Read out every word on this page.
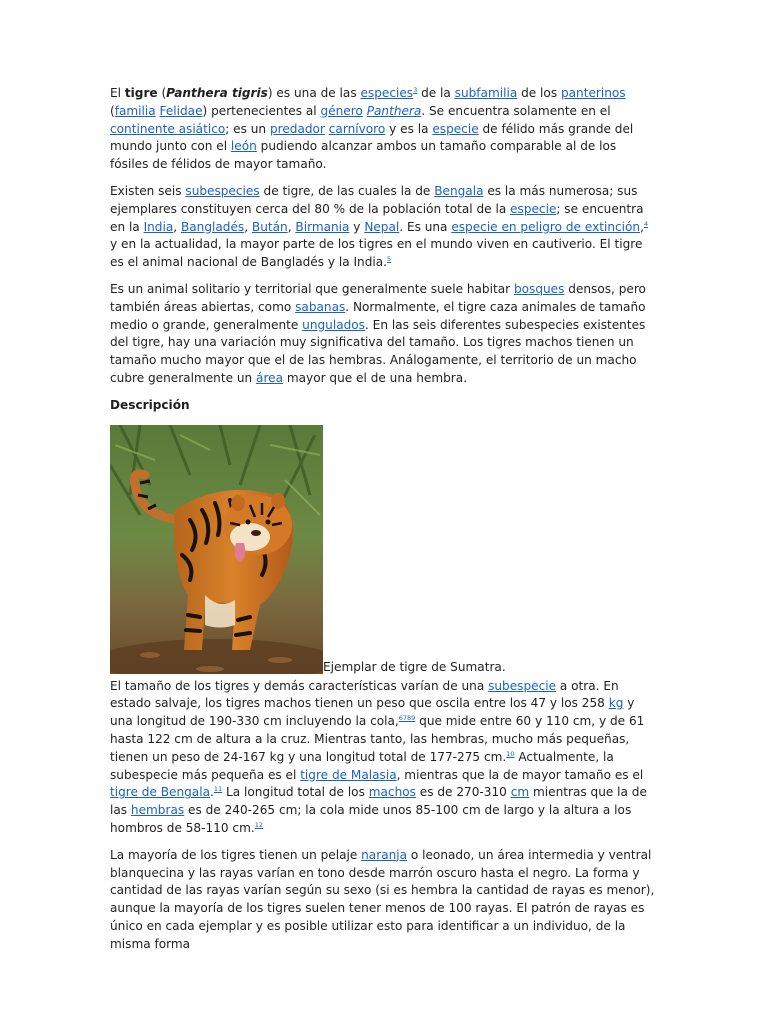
El tigre (Panthera tigris) es una de las especies$^3$ de la subfamilia de los panterinos (familia Felidae) pertenecientes al género Panthera. Se encuentra solamente en el continente asiático; es un predador carnívoro y es la especie de félido más grande del mundo junto con el león pudiendo alcanzar ambos un tamaño comparable al de los fósiles de félidos de mayor tamaño.

Existen seis subespecies de tigre, de las cuales la de Bengala es la más numerosa; sus ejemplares constituyen cerca del 80 % de la población total de la especie; se encuentra en la India, Bangladés, Bután, Birmania y Nepal. Es una especie en peligro de extinción,$^4$ y en la actualidad, la mayor parte de los tigres en el mundo viven en cautiverio. El tigre es el animal nacional de Bangladés y la India.$^5$

Es un animal solitario y territorial que generalmente suele habitar bosques densos, pero también áreas abiertas, como sabanas. Normalmente, el tigre caza animales de tamaño medio o grande, generalmente ungulados. En las seis diferentes subespecies existentes del tigre, hay una variación muy significativa del tamaño. Los tigres machos tienen un tamaño mucho mayor que el de las hembras. Análogamente, el territorio de un macho cubre generalmente un área mayor que el de una hembra.

Descripción

Ejemplar de tigre de Sumatra.

El tamaño de los tigres y demás características varían de una subespecie a otra. En estado salvaje, los tigres machos tienen un peso que oscila entre los 47 y los 258 kg y una longitud de 190-330 cm incluyendo la cola,$^{6789}$ que mide entre 60 y 110 cm, y de 61 hasta 122 cm de altura a la cruz. Mientras tanto, las hembras, mucho más pequeñas, tienen un peso de 24-167 kg y una longitud total de 177-275 cm.$^{10}$ Actualmente, la subespecie más pequeña es el tigre de Malasia, mientras que la de mayor tamaño es el tigre de Bengala.$^{11}$ La longitud total de los machos es de 270-310 cm mientras que la de las hembras es de 240-265 cm; la cola mide unos 85-100 cm de largo y la altura a los hombros de 58-110 cm.$^{12}$

La mayoría de los tigres tienen un pelaje naranja o leonado, un área intermedia y ventral blanquecina y las rayas varían en tono desde marrón oscuro hasta el negro. La forma y cantidad de las rayas varían según su sexo (si es hembra la cantidad de rayas es menor), aunque la mayoría de los tigres suelen tener menos de 100 rayas. El patrón de rayas es único en cada ejemplar y es posible utilizar esto para identificar a un individuo, de la misma forma
